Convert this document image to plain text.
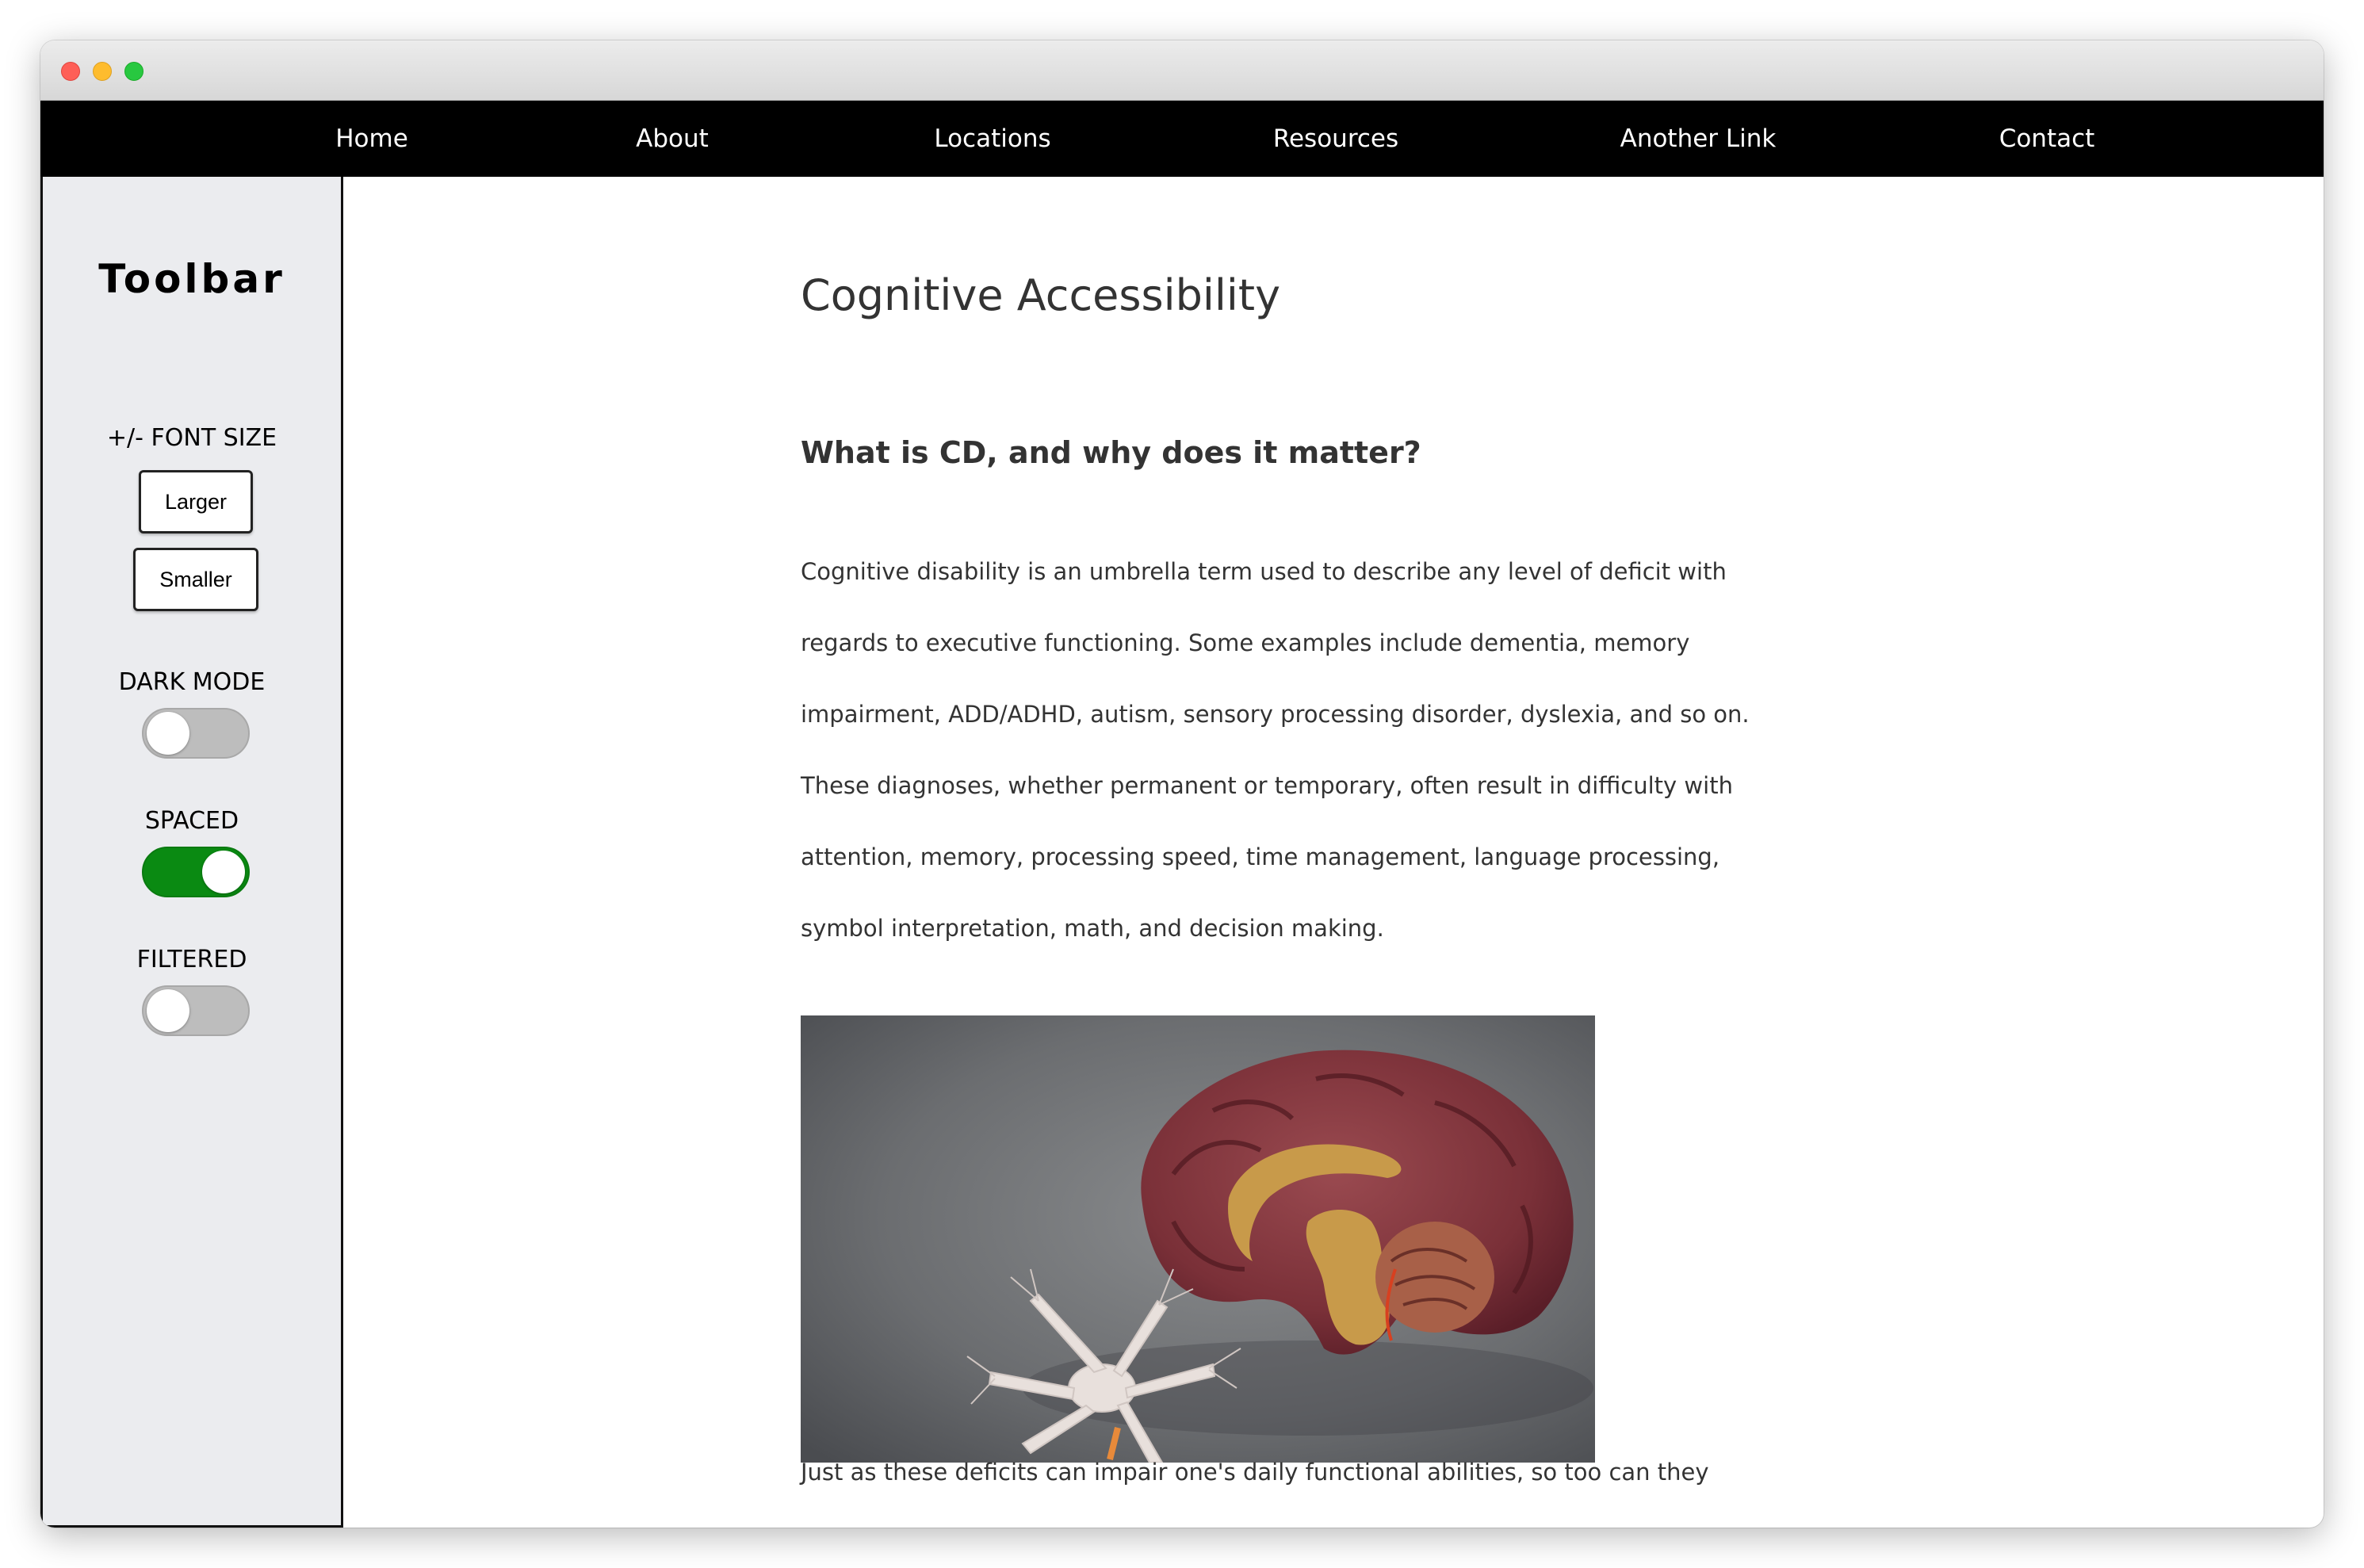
Home	About	Locations	Resources	Another Link	Contact
Toolbar
+/- FONT SIZE
Larger
Smaller
DARK MODE
SPACED
FILTERED
Cognitive Accessibility
What is CD, and why does it matter?
Cognitive disability is an umbrella term used to describe any level of deficit with
regards to executive functioning. Some examples include dementia, memory
impairment, ADD/ADHD, autism, sensory processing disorder, dyslexia, and so on.
These diagnoses, whether permanent or temporary, often result in difficulty with
attention, memory, processing speed, time management, language processing,
symbol interpretation, math, and decision making.
Just as these deficits can impair one's daily functional abilities, so too can they
